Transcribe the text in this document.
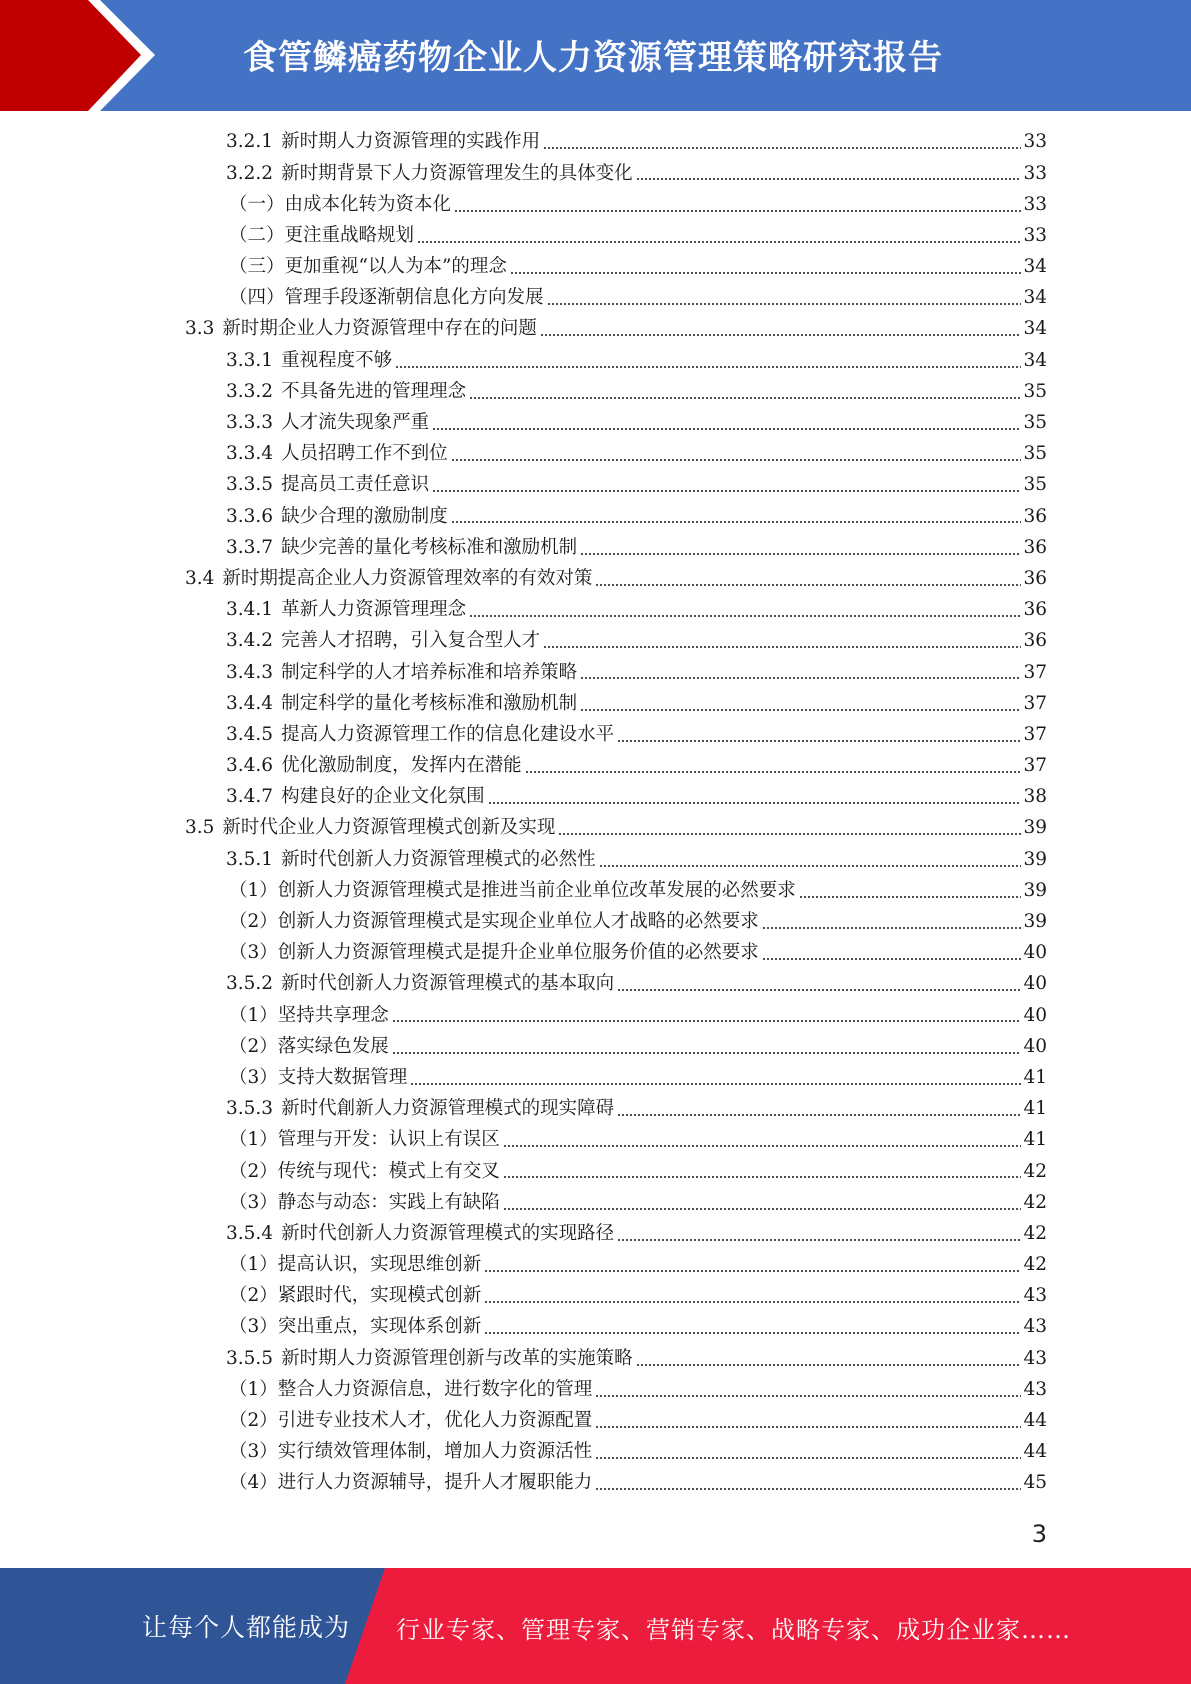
食管鳞癌药物企业人力资源管理策略研究报告
3.2.1 新时期人力资源管理的实践作用	33
3.2.2 新时期背景下人力资源管理发生的具体变化	33
（一）由成本化转为资本化	33
（二）更注重战略规划	33
（三）更加重视“以人为本”的理念	34
（四）管理手段逐渐朝信息化方向发展	34
3.3 新时期企业人力资源管理中存在的问题	34
3.3.1 重视程度不够	34
3.3.2 不具备先进的管理理念	35
3.3.3 人才流失现象严重	35
3.3.4 人员招聘工作不到位	35
3.3.5 提高员工责任意识	35
3.3.6 缺少合理的激励制度	36
3.3.7 缺少完善的量化考核标准和激励机制	36
3.4 新时期提高企业人力资源管理效率的有效对策	36
3.4.1 革新人力资源管理理念	36
3.4.2 完善人才招聘，引入复合型人才	36
3.4.3 制定科学的人才培养标准和培养策略	37
3.4.4 制定科学的量化考核标准和激励机制	37
3.4.5 提高人力资源管理工作的信息化建设水平	37
3.4.6 优化激励制度，发挥内在潜能	37
3.4.7 构建良好的企业文化氛围	38
3.5 新时代企业人力资源管理模式创新及实现	39
3.5.1 新时代创新人力资源管理模式的必然性	39
（1）创新人力资源管理模式是推进当前企业单位改革发展的必然要求	39
（2）创新人力资源管理模式是实现企业单位人才战略的必然要求	39
（3）创新人力资源管理模式是提升企业单位服务价值的必然要求	40
3.5.2 新时代创新人力资源管理模式的基本取向	40
（1）坚持共享理念	40
（2）落实绿色发展	40
（3）支持大数据管理	41
3.5.3 新时代創新人力资源管理模式的现实障碍	41
（1）管理与开发：认识上有误区	41
（2）传统与现代：模式上有交叉	42
（3）静态与动态：实践上有缺陷	42
3.5.4 新时代创新人力资源管理模式的实现路径	42
（1）提高认识，实现思维创新	42
（2）紧跟时代，实现模式创新	43
（3）突出重点，实现体系创新	43
3.5.5 新时期人力资源管理创新与改革的实施策略	43
（1）整合人力资源信息，进行数字化的管理	43
（2）引进专业技术人才，优化人力资源配置	44
（3）实行绩效管理体制，增加人力资源活性	44
（4）进行人力资源辅导，提升人才履职能力	45
3
让每个人都能成为 行业专家、管理专家、营销专家、战略专家、成功企业家……
